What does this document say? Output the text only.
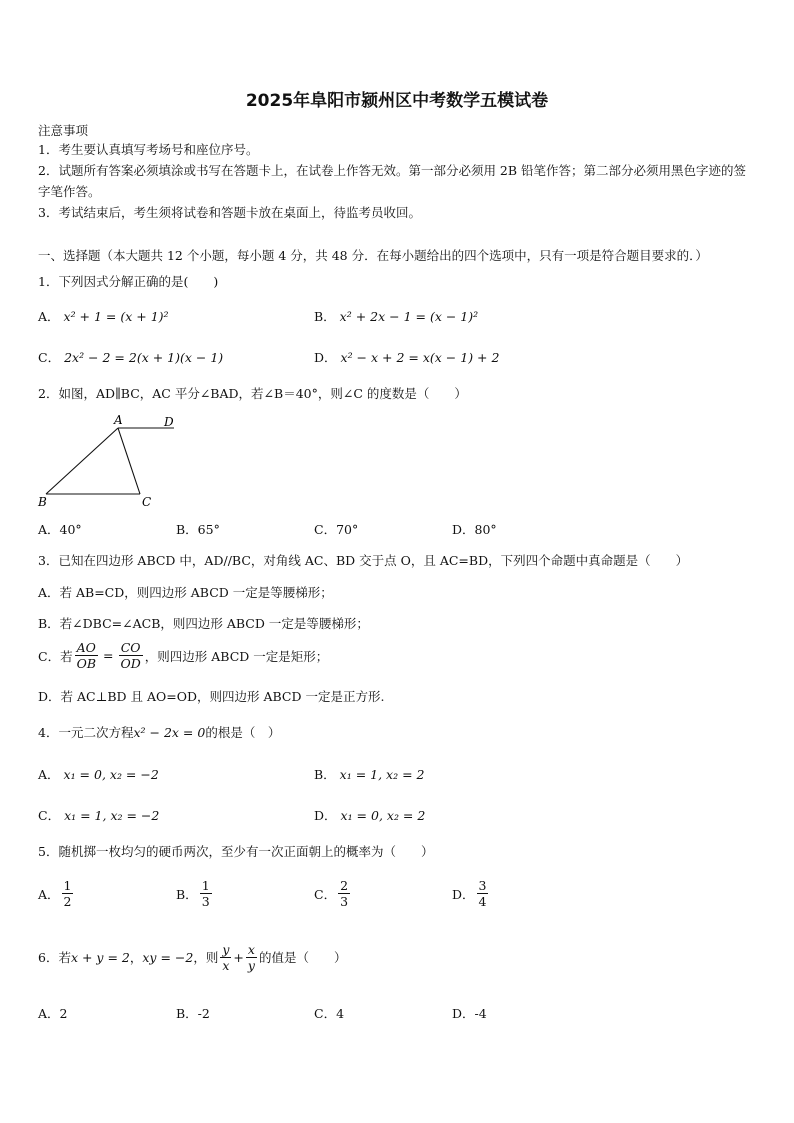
2025年阜阳市颍州区中考数学五模试卷
注意事项
1．考生要认真填写考场号和座位序号。
2．试题所有答案必须填涂或书写在答题卡上，在试卷上作答无效。第一部分必须用 2B 铅笔作答；第二部分必须用黑色字迹的签字笔作答。
3．考试结束后，考生须将试卷和答题卡放在桌面上，待监考员收回。
一、选择题（本大题共 12 个小题，每小题 4 分，共 48 分．在每小题给出的四个选项中，只有一项是符合题目要求的．）
1．下列因式分解正确的是(　　)
A． x² + 1 = (x + 1)²	B． x² + 2x − 1 = (x − 1)²
C． 2x² − 2 = 2(x + 1)(x − 1)	D． x² − x + 2 = x(x − 1) + 2
2．如图，AD∥BC，AC 平分∠BAD，若∠B＝40°，则∠C 的度数是（　　）
A	D
B	C
A．40°	B．65°	C．70°	D．80°
3．已知在四边形 ABCD 中，AD//BC，对角线 AC、BD 交于点 O，且 AC=BD，下列四个命题中真命题是（　　）
A．若 AB=CD，则四边形 ABCD 一定是等腰梯形；
B．若∠DBC=∠ACB，则四边形 ABCD 一定是等腰梯形；
C．若 $\frac{AO}{OB} = \frac{CO}{OD}$ ，则四边形 ABCD 一定是矩形；
D．若 AC⊥BD 且 AO=OD，则四边形 ABCD 一定是正方形.
4．一元二次方程x² − 2x = 0的根是（　）
A． x₁ = 0, x₂ = −2	B． x₁ = 1, x₂ = 2
C． x₁ = 1, x₂ = −2	D． x₁ = 0, x₂ = 2
5．随机掷一枚均匀的硬币两次，至少有一次正面朝上的概率为（　　）
A． $\frac{1}{2}$	B． $\frac{1}{3}$	C． $\frac{2}{3}$	D． $\frac{3}{4}$
6．若 x + y = 2 ， xy = −2 ，则 $\frac{y}{x} + \frac{x}{y}$ 的值是（　　）
A．2	B．-2	C．4	D．-4
